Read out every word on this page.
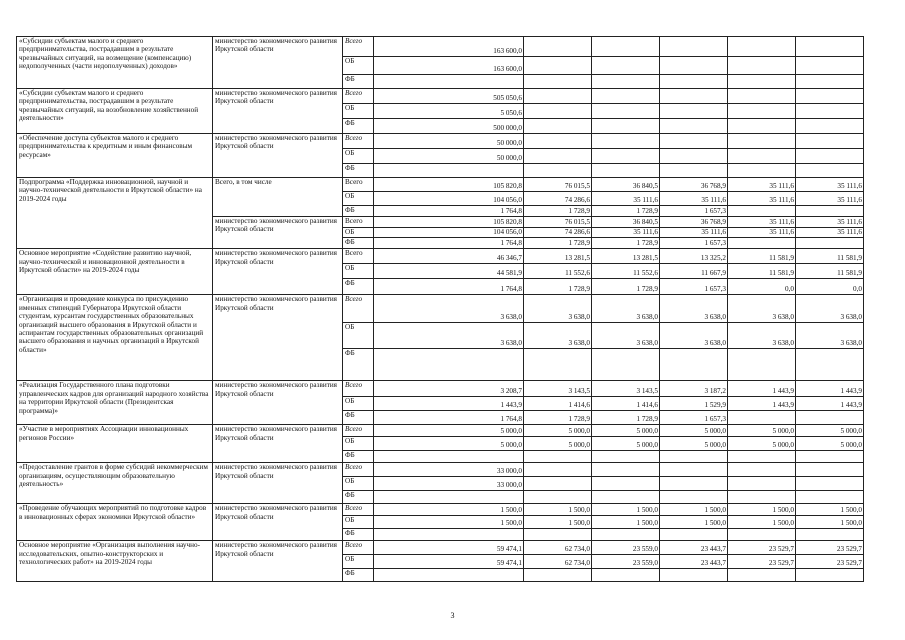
«Субсидии субъектам малого и среднего предпринимательства, пострадавшим в результате чрезвычайных ситуаций, на возмещение (компенсацию) недополученных (части недополученных) доходов»	министерство экономического развития Иркутской области	Всего	163 600,0					
		ОБ	163 600,0					
		ФБ						
«Субсидии субъектам малого и среднего предпринимательства, пострадавшим в результате чрезвычайных ситуаций, на возобновление хозяйственной деятельности»	министерство экономического развития Иркутской области	Всего	505 050,6					
		ОБ	5 050,6					
		ФБ	500 000,0					
«Обеспечение доступа субъектов малого и среднего предпринимательства к кредитным и иным финансовым ресурсам»	министерство экономического развития Иркутской области	Всего	50 000,0					
		ОБ	50 000,0					
		ФБ						
Подпрограмма «Поддержка инновационной, научной и научно-технической деятельности в Иркутской области» на 2019-2024 годы	Всего, в том числе	Всего	105 820,8	76 015,5	36 840,5	36 768,9	35 111,6	35 111,6
		ОБ	104 056,0	74 286,6	35 111,6	35 111,6	35 111,6	35 111,6
		ФБ	1 764,8	1 728,9	1 728,9	1 657,3		
	министерство экономического развития Иркутской области	Всего	105 820,8	76 015,5	36 840,5	36 768,9	35 111,6	35 111,6
		ОБ	104 056,0	74 286,6	35 111,6	35 111,6	35 111,6	35 111,6
		ФБ	1 764,8	1 728,9	1 728,9	1 657,3		
Основное мероприятие «Содействие развитию научной, научно-технической и инновационной деятельности в Иркутской области» на 2019-2024 годы	министерство экономического развития Иркутской области	Всего	46 346,7	13 281,5	13 281,5	13 325,2	11 581,9	11 581,9
		ОБ	44 581,9	11 552,6	11 552,6	11 667,9	11 581,9	11 581,9
		ФБ	1 764,8	1 728,9	1 728,9	1 657,3	0,0	0,0
«Организация и проведение конкурса по присуждению именных стипендий Губернатора Иркутской области студентам, курсантам государственных образовательных организаций высшего образования в Иркутской области и аспирантам государственных образовательных организаций высшего образования и научных организаций в Иркутской области»	министерство экономического развития Иркутской области	Всего	3 638,0	3 638,0	3 638,0	3 638,0	3 638,0	3 638,0
		ОБ	3 638,0	3 638,0	3 638,0	3 638,0	3 638,0	3 638,0
		ФБ						
«Реализация Государственного плана подготовки управленческих кадров для организаций народного хозяйства на территории Иркутской области (Президентская программа)»	министерство экономического развития Иркутской области	Всего	3 208,7	3 143,5	3 143,5	3 187,2	1 443,9	1 443,9
		ОБ	1 443,9	1 414,6	1 414,6	1 529,9	1 443,9	1 443,9
		ФБ	1 764,8	1 728,9	1 728,9	1 657,3		
«Участие в мероприятиях Ассоциации инновационных регионов России»	министерство экономического развития Иркутской области	Всего	5 000,0	5 000,0	5 000,0	5 000,0	5 000,0	5 000,0
		ОБ	5 000,0	5 000,0	5 000,0	5 000,0	5 000,0	5 000,0
		ФБ						
«Предоставление грантов в форме субсидий некоммерческим организациям, осуществляющим образовательную деятельность»	министерство экономического развития Иркутской области	Всего	33 000,0					
		ОБ	33 000,0					
		ФБ						
«Проведение обучающих мероприятий по подготовке кадров в инновационных сферах экономики Иркутской области»	министерство экономического развития Иркутской области	Всего	1 500,0	1 500,0	1 500,0	1 500,0	1 500,0	1 500,0
		ОБ	1 500,0	1 500,0	1 500,0	1 500,0	1 500,0	1 500,0
		ФБ						
Основное мероприятие «Организация выполнения научно-исследовательских, опытно-конструкторских и технологических работ» на 2019-2024 годы	министерство экономического развития Иркутской области	Всего	59 474,1	62 734,0	23 559,0	23 443,7	23 529,7	23 529,7
		ОБ	59 474,1	62 734,0	23 559,0	23 443,7	23 529,7	23 529,7
		ФБ						
3
